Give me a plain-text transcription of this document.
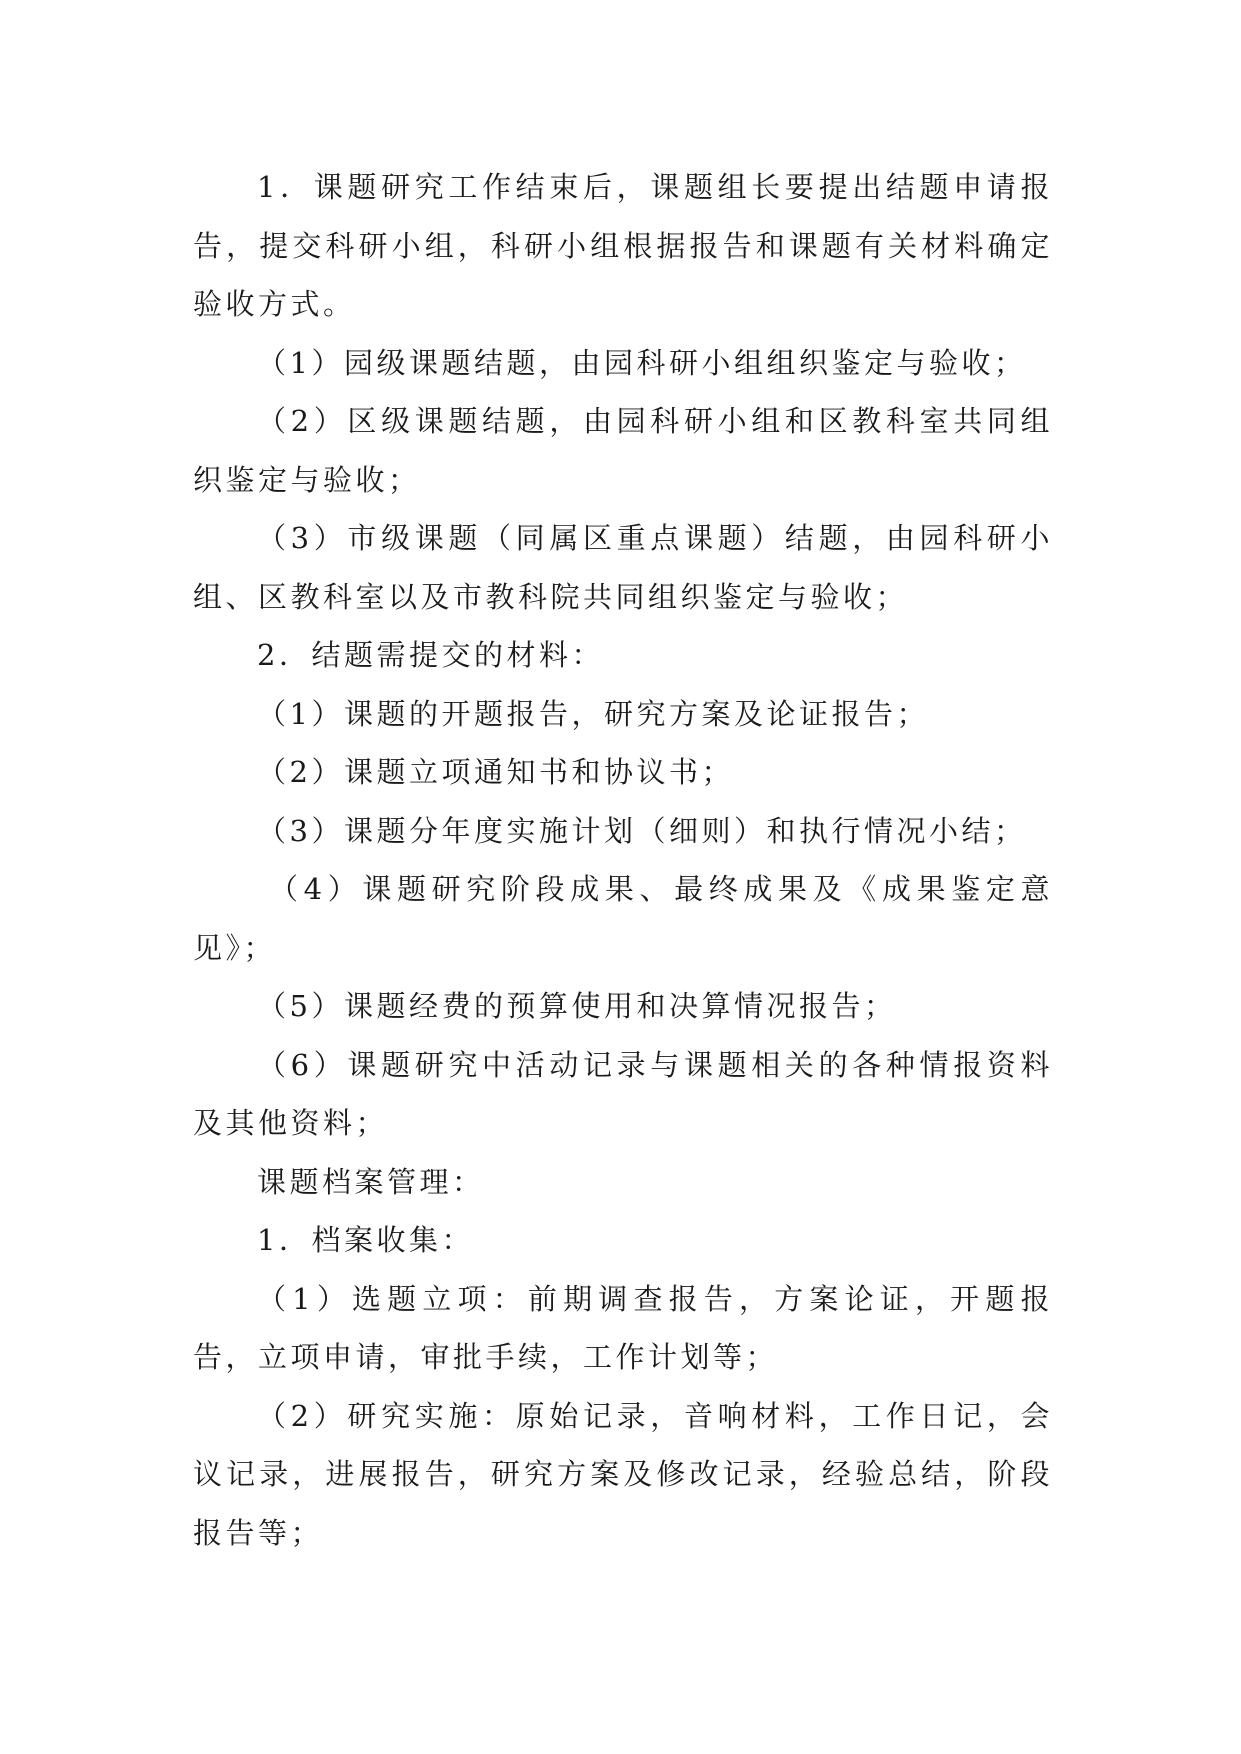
1．课题研究工作结束后，课题组长要提出结题申请报告，提交科研小组，科研小组根据报告和课题有关材料确定验收方式。

（1）园级课题结题，由园科研小组组织鉴定与验收；

（2）区级课题结题，由园科研小组和区教科室共同组织鉴定与验收；

（3）市级课题（同属区重点课题）结题，由园科研小组、区教科室以及市教科院共同组织鉴定与验收；

2．结题需提交的材料：

（1）课题的开题报告，研究方案及论证报告；

（2）课题立项通知书和协议书；

（3）课题分年度实施计划（细则）和执行情况小结；

（4）课题研究阶段成果、最终成果及《成果鉴定意见》；

（5）课题经费的预算使用和决算情况报告；

（6）课题研究中活动记录与课题相关的各种情报资料及其他资料；

课题档案管理：

1．档案收集：

（1）选题立项：前期调查报告，方案论证，开题报告，立项申请，审批手续，工作计划等；

（2）研究实施：原始记录，音响材料，工作日记，会议记录，进展报告，研究方案及修改记录，经验总结，阶段报告等；
